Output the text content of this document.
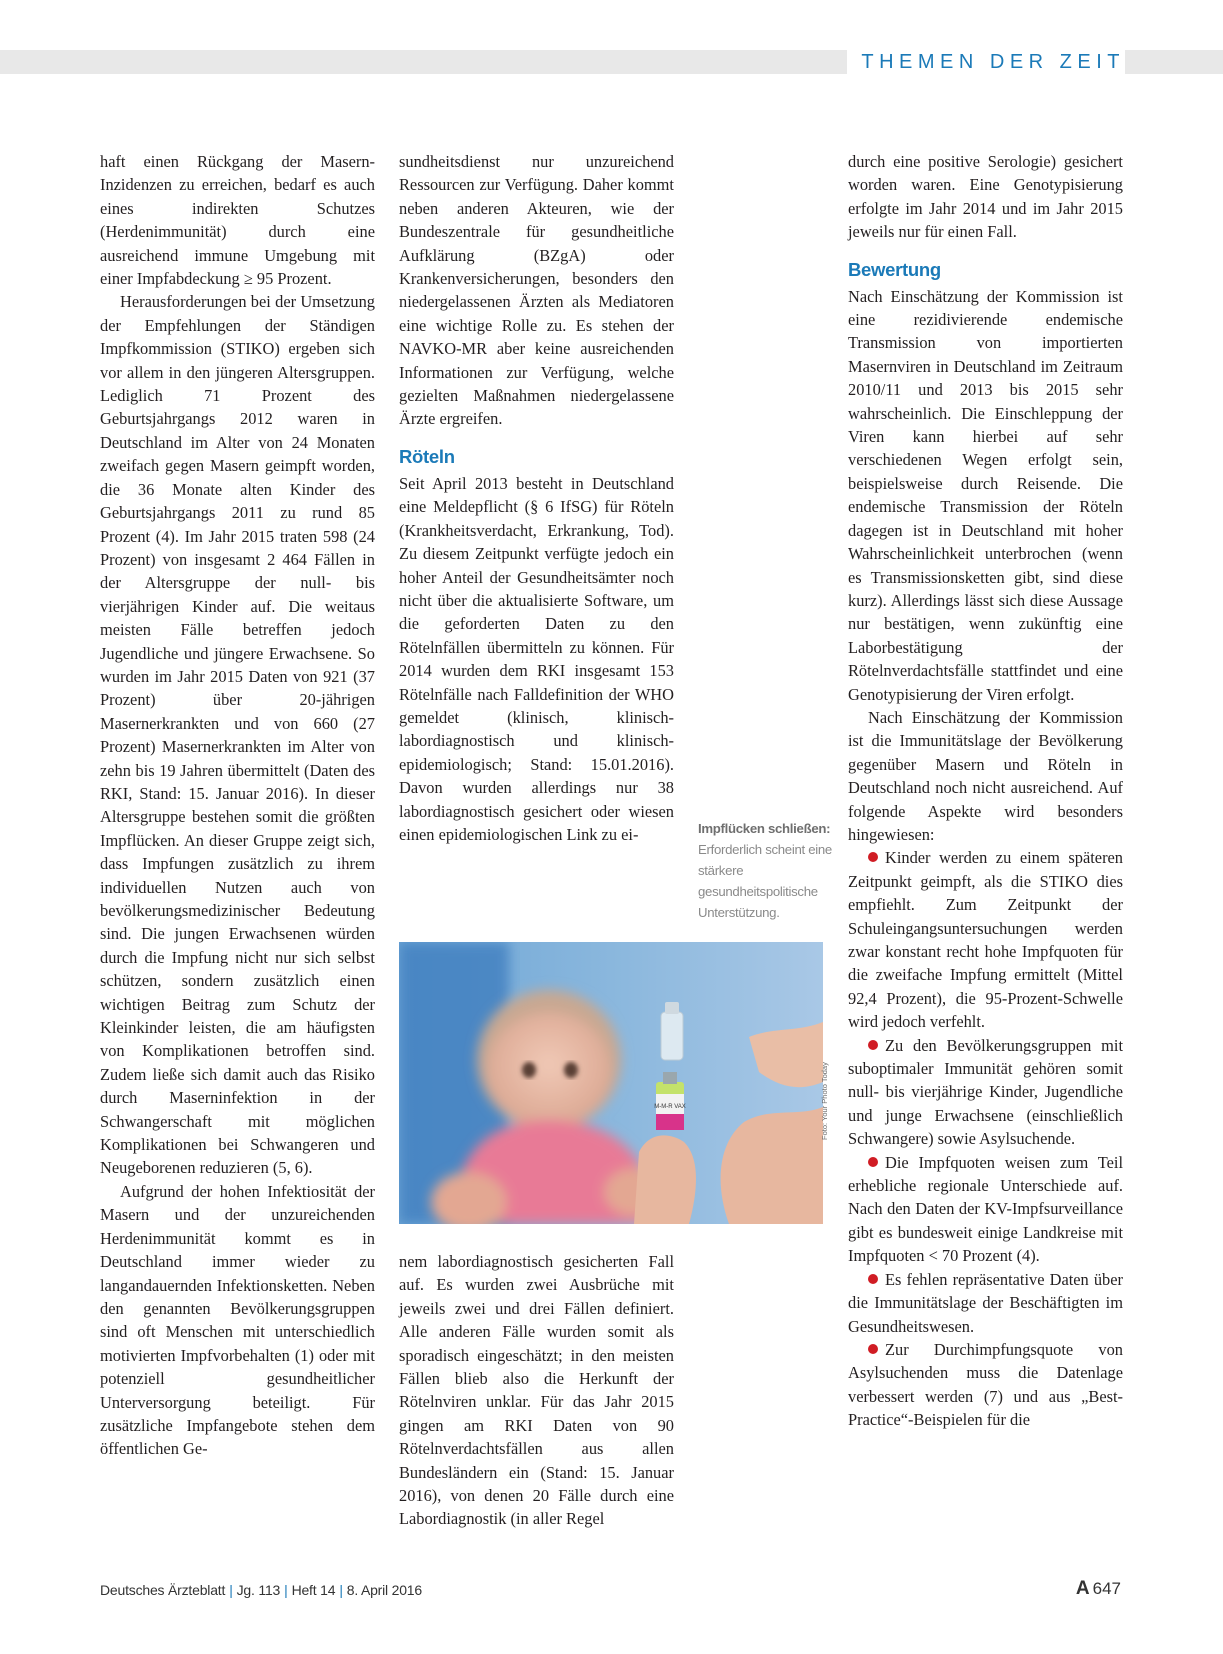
THEMEN DER ZEIT

haft einen Rückgang der Masern-Inzidenzen zu erreichen, bedarf es auch eines indirekten Schutzes (Herdenimmunität) durch eine ausreichend immune Umgebung mit einer Impfabdeckung ≥ 95 Prozent.

Herausforderungen bei der Umsetzung der Empfehlungen der Ständigen Impfkommission (STIKO) ergeben sich vor allem in den jüngeren Altersgruppen. Lediglich 71 Prozent des Geburtsjahrgangs 2012 waren in Deutschland im Alter von 24 Monaten zweifach gegen Masern geimpft worden, die 36 Monate alten Kinder des Geburtsjahrgangs 2011 zu rund 85 Prozent (4). Im Jahr 2015 traten 598 (24 Prozent) von insgesamt 2 464 Fällen in der Altersgruppe der null- bis vierjährigen Kinder auf. Die weitaus meisten Fälle betreffen jedoch Jugendliche und jüngere Erwachsene. So wurden im Jahr 2015 Daten von 921 (37 Prozent) über 20-jährigen Masernerkrankten und von 660 (27 Prozent) Masernerkrankten im Alter von zehn bis 19 Jahren übermittelt (Daten des RKI, Stand: 15. Januar 2016). In dieser Altersgruppe bestehen somit die größten Impflücken. An dieser Gruppe zeigt sich, dass Impfungen zusätzlich zu ihrem individuellen Nutzen auch von bevölkerungsmedizinischer Bedeutung sind. Die jungen Erwachsenen würden durch die Impfung nicht nur sich selbst schützen, sondern zusätzlich einen wichtigen Beitrag zum Schutz der Kleinkinder leisten, die am häufigsten von Komplikationen betroffen sind. Zudem ließe sich damit auch das Risiko durch Maserninfektion in der Schwangerschaft mit möglichen Komplikationen bei Schwangeren und Neugeborenen reduzieren (5, 6).

Aufgrund der hohen Infektiosität der Masern und der unzureichenden Herdenimmunität kommt es in Deutschland immer wieder zu langandauernden Infektionsketten. Neben den genannten Bevölkerungsgruppen sind oft Menschen mit unterschiedlich motivierten Impfvorbehalten (1) oder mit potenziell gesundheitlicher Unterversorgung beteiligt. Für zusätzliche Impfangebote stehen dem öffentlichen Ge-

sundheitsdienst nur unzureichend Ressourcen zur Verfügung. Daher kommt neben anderen Akteuren, wie der Bundeszentrale für gesundheitliche Aufklärung (BZgA) oder Krankenversicherungen, besonders den niedergelassenen Ärzten als Mediatoren eine wichtige Rolle zu. Es stehen der NAVKO-MR aber keine ausreichenden Informationen zur Verfügung, welche gezielten Maßnahmen niedergelassene Ärzte ergreifen.

Röteln

Seit April 2013 besteht in Deutschland eine Meldepflicht (§ 6 IfSG) für Röteln (Krankheitsverdacht, Erkrankung, Tod). Zu diesem Zeitpunkt verfügte jedoch ein hoher Anteil der Gesundheitsämter noch nicht über die aktualisierte Software, um die geforderten Daten zu den Rötelnfällen übermitteln zu können. Für 2014 wurden dem RKI insgesamt 153 Rötelnfälle nach Falldefinition der WHO gemeldet (klinisch, klinisch-labordiagnostisch und klinisch-epidemiologisch; Stand: 15.01.2016). Davon wurden allerdings nur 38 labordiagnostisch gesichert oder wiesen einen epidemiologischen Link zu ei-	Impflücken schließen: Erforderlich scheint eine stärkere gesundheitspolitische Unterstützung.
M-M-R VAX	Foto: Your Photo Today

nem labordiagnostisch gesicherten Fall auf. Es wurden zwei Ausbrüche mit jeweils zwei und drei Fällen definiert. Alle anderen Fälle wurden somit als sporadisch eingeschätzt; in den meisten Fällen blieb also die Herkunft der Rötelnviren unklar. Für das Jahr 2015 gingen am RKI Daten von 90 Rötelnverdachtsfällen aus allen Bundesländern ein (Stand: 15. Januar 2016), von denen 20 Fälle durch eine Labordiagnostik (in aller Regel

durch eine positive Serologie) gesichert worden waren. Eine Genotypisierung erfolgte im Jahr 2014 und im Jahr 2015 jeweils nur für einen Fall.

Bewertung

Nach Einschätzung der Kommission ist eine rezidivierende endemische Transmission von importierten Masernviren in Deutschland im Zeitraum 2010/11 und 2013 bis 2015 sehr wahrscheinlich. Die Einschleppung der Viren kann hierbei auf sehr verschiedenen Wegen erfolgt sein, beispielsweise durch Reisende. Die endemische Transmission der Röteln dagegen ist in Deutschland mit hoher Wahrscheinlichkeit unterbrochen (wenn es Transmissionsketten gibt, sind diese kurz). Allerdings lässt sich diese Aussage nur bestätigen, wenn zukünftig eine Laborbestätigung der Rötelnverdachtsfälle stattfindet und eine Genotypisierung der Viren erfolgt.

Nach Einschätzung der Kommission ist die Immunitätslage der Bevölkerung gegenüber Masern und Röteln in Deutschland noch nicht ausreichend. Auf folgende Aspekte wird besonders hingewiesen:

Kinder werden zu einem späteren Zeitpunkt geimpft, als die STIKO dies empfiehlt. Zum Zeitpunkt der Schuleingangsuntersuchungen werden zwar konstant recht hohe Impfquoten für die zweifache Impfung ermittelt (Mittel 92,4 Prozent), die 95-Prozent-Schwelle wird jedoch verfehlt.

Zu den Bevölkerungsgruppen mit suboptimaler Immunität gehören somit null- bis vierjährige Kinder, Jugendliche und junge Erwachsene (einschließlich Schwangere) sowie Asylsuchende.

Die Impfquoten weisen zum Teil erhebliche regionale Unterschiede auf. Nach den Daten der KV-Impfsurveillance gibt es bundesweit einige Landkreise mit Impfquoten < 70 Prozent (4).

Es fehlen repräsentative Daten über die Immunitätslage der Beschäftigten im Gesundheitswesen.

Zur Durchimpfungsquote von Asylsuchenden muss die Datenlage verbessert werden (7) und aus „Best-Practice“-Beispielen für die

Deutsches Ärzteblatt | Jg. 113 | Heft 14 | 8. April 2016	A 647
